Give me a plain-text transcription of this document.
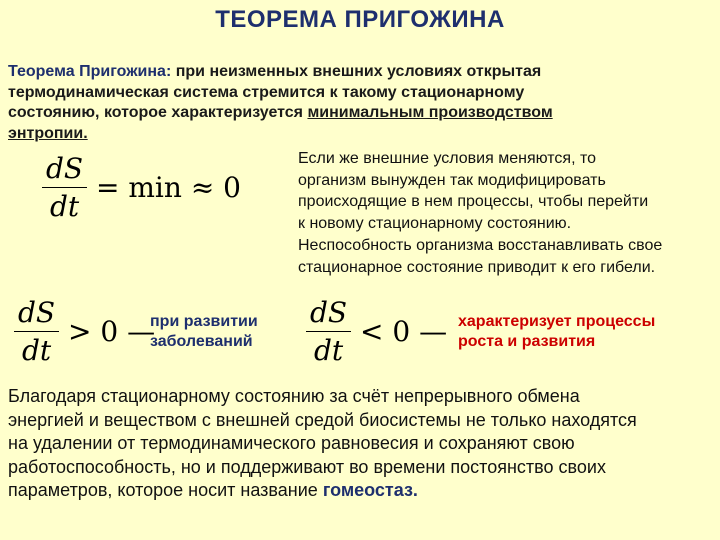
ТЕОРЕМА ПРИГОЖИНА
Теорема Пригожина: при неизменных внешних условиях открытая
термодинамическая система стремится к такому стационарному
состоянию, которое характеризуется минимальным производством
энтропии.
$\frac{dS}{dt} = \min \approx 0$
Если же внешние условия меняются, то
организм вынужден так модифицировать
происходящие в нем процессы, чтобы перейти
к новому стационарному состоянию.
Неспособность организма восстанавливать свое
стационарное состояние приводит к его гибели.
$\frac{dS}{dt} > 0$ —
при развитии
заболеваний $\frac{dS}{dt} < 0$ — характеризует процессы
роста и развития
Благодаря стационарному состоянию за счёт непрерывного обмена
энергией и веществом с внешней средой биосистемы не только находятся
на удалении от термодинамического равновесия и сохраняют свою
работоспособность, но и поддерживают во времени постоянство своих
параметров, которое носит название гомеостаз.
